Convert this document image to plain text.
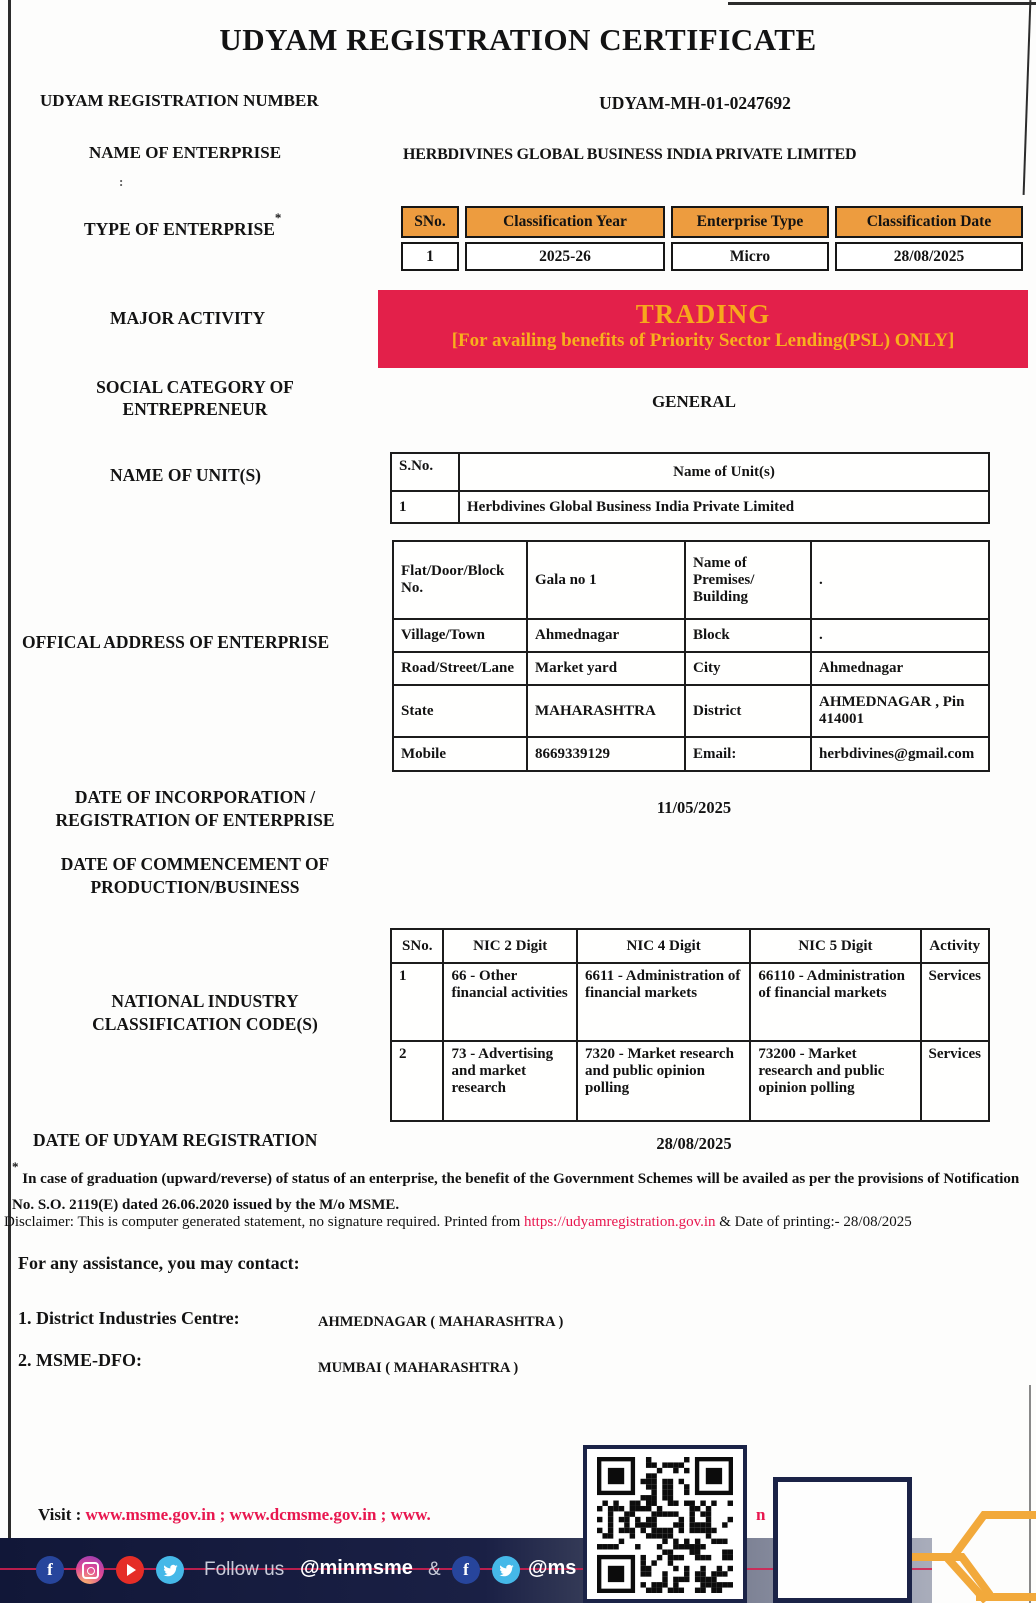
UDYAM REGISTRATION CERTIFICATE
UDYAM REGISTRATION NUMBER	UDYAM-MH-01-0247692
NAME OF ENTERPRISE	HERBDIVINES GLOBAL BUSINESS INDIA PRIVATE LIMITED
:
TYPE OF ENTERPRISE*	SNo.	Classification Year	Enterprise Type	Classification Date
1	2025-26	Micro	28/08/2025
MAJOR ACTIVITY	TRADING
[For availing benefits of Priority Sector Lending(PSL) ONLY]
SOCIAL CATEGORY OF
ENTREPRENEUR	GENERAL
NAME OF UNIT(S)	S.No.	Name of Unit(s)
1	Herbdivines Global Business India Private Limited
OFFICAL ADDRESS OF ENTERPRISE
Flat/Door/Block No.	Gala no 1	Name of Premises/ Building	.
Village/Town	Ahmednagar	Block	.
Road/Street/Lane	Market yard	City	Ahmednagar
State	MAHARASHTRA	District	AHMEDNAGAR , Pin 414001
Mobile	8669339129	Email:	herbdivines@gmail.com
DATE OF INCORPORATION /
REGISTRATION OF ENTERPRISE
11/05/2025
DATE OF COMMENCEMENT OF
PRODUCTION/BUSINESS
NATIONAL INDUSTRY
CLASSIFICATION CODE(S)
SNo.	NIC 2 Digit	NIC 4 Digit	NIC 5 Digit	Activity
1	66 - Other financial activities	6611 - Administration of financial markets	66110 - Administration of financial markets	Services
2	73 - Advertising and market research	7320 - Market research and public opinion polling	73200 - Market research and public opinion polling	Services
DATE OF UDYAM REGISTRATION	28/08/2025
* In case of graduation (upward/reverse) of status of an enterprise, the benefit of the Government Schemes will be availed as per the provisions of Notification No. S.O. 2119(E) dated 26.06.2020 issued by the M/o MSME.
Disclaimer: This is computer generated statement, no signature required. Printed from https://udyamregistration.gov.in & Date of printing:- 28/08/2025
For any assistance, you may contact:
1. District Industries Centre:	AHMEDNAGAR ( MAHARASHTRA )
2. MSME-DFO:	MUMBAI ( MAHARASHTRA )
Visit : www.msme.gov.in ; www.dcmsme.gov.in ; www.	n
f	Follow us @minmsme & f	@ms
